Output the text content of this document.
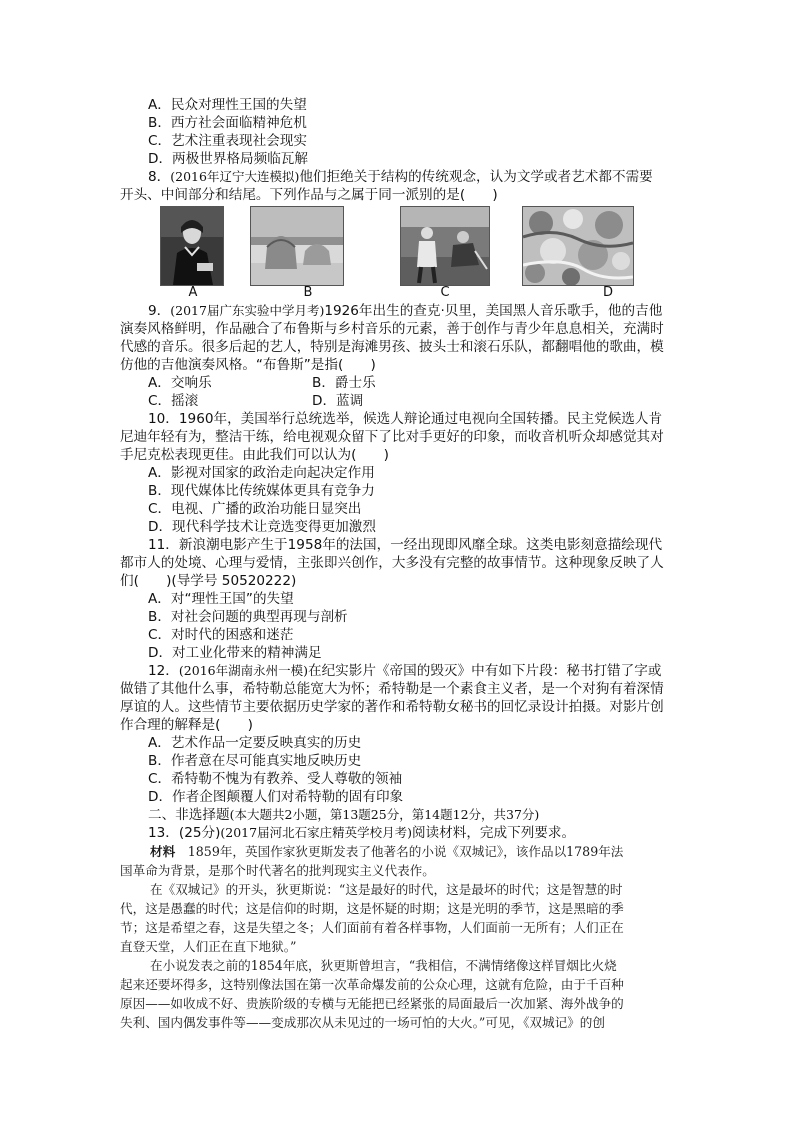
A．民众对理性王国的失望
B．西方社会面临精神危机
C．艺术注重表现社会现实
D．两极世界格局频临瓦解
8．(2016年辽宁大连模拟)他们拒绝关于结构的传统观念，认为文学或者艺术都不需要
开头、中间部分和结尾。下列作品与之属于同一派别的是(　　)
A	B	C	D
9．(2017届广东实验中学月考)1926年出生的查克·贝里，美国黑人音乐歌手，他的吉他
演奏风格鲜明，作品融合了布鲁斯与乡村音乐的元素，善于创作与青少年息息相关，充满时
代感的音乐。很多后起的艺人，特别是海滩男孩、披头士和滚石乐队，都翻唱他的歌曲，模
仿他的吉他演奏风格。“布鲁斯”是指(　　)
A．交响乐	B．爵士乐
C．摇滚	D．蓝调
10．1960年，美国举行总统选举，候选人辩论通过电视向全国转播。民主党候选人肯
尼迪年轻有为，整洁干练，给电视观众留下了比对手更好的印象，而收音机听众却感觉其对
手尼克松表现更佳。由此我们可以认为(　　)
A．影视对国家的政治走向起决定作用
B．现代媒体比传统媒体更具有竞争力
C．电视、广播的政治功能日显突出
D．现代科学技术让竞选变得更加激烈
11．新浪潮电影产生于1958年的法国，一经出现即风靡全球。这类电影刻意描绘现代
都市人的处境、心理与爱情，主张即兴创作，大多没有完整的故事情节。这种现象反映了人
们(　　)(导学号 50520222)
A．对“理性王国”的失望
B．对社会问题的典型再现与剖析
C．对时代的困惑和迷茫
D．对工业化带来的精神满足
12．(2016年湖南永州一模)在纪实影片《帝国的毁灭》中有如下片段：秘书打错了字或
做错了其他什么事，希特勒总能宽大为怀；希特勒是一个素食主义者，是一个对狗有着深情
厚谊的人。这些情节主要依据历史学家的著作和希特勒女秘书的回忆录设计拍摄。对影片创
作合理的解释是(　　)
A．艺术作品一定要反映真实的历史
B．作者意在尽可能真实地反映历史
C．希特勒不愧为有教养、受人尊敬的领袖
D．作者企图颠覆人们对希特勒的固有印象
二、非选择题(本大题共2小题，第13题25分，第14题12分，共37分)
13．(25分)(2017届河北石家庄精英学校月考)阅读材料，完成下列要求。
材料　 1859年，英国作家狄更斯发表了他著名的小说《双城记》，该作品以1789年法
国革命为背景，是那个时代著名的批判现实主义代表作。
在《双城记》的开头，狄更斯说：“这是最好的时代，这是最坏的时代；这是智慧的时
代，这是愚蠢的时代；这是信仰的时期，这是怀疑的时期；这是光明的季节，这是黑暗的季
节；这是希望之春，这是失望之冬；人们面前有着各样事物，人们面前一无所有；人们正在
直登天堂，人们正在直下地狱。”
在小说发表之前的1854年底，狄更斯曾坦言，“我相信，不满情绪像这样冒烟比火烧
起来还要坏得多，这特别像法国在第一次革命爆发前的公众心理，这就有危险，由于千百种
原因——如收成不好、贵族阶级的专横与无能把已经紧张的局面最后一次加紧、海外战争的
失利、国内偶发事件等——变成那次从未见过的一场可怕的大火。”可见，《双城记》的创
